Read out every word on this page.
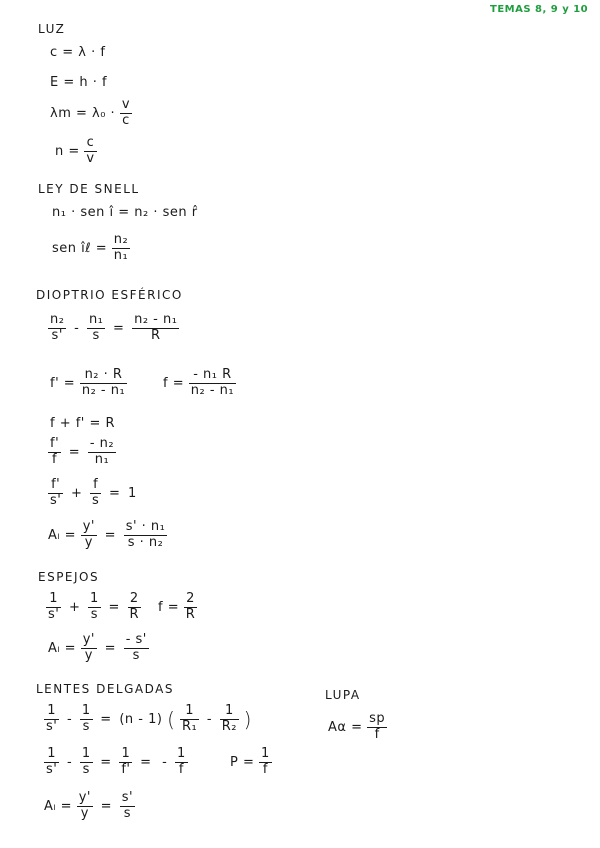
TEMAS 8, 9 y 10
LUZ
c = λ · f
E = h · f
$\lambda m = \lambda_0 \cdot \frac{v}{c}$
$n = \frac{c}{v}$
LEY DE SNELL
n₁ · sen î = n₂ · sen r̂
sen îℓ = $\frac{\text{n₂}}{\text{n₁}}$
DIOPTRIO ESFÉRICO
$\frac{\text{n₂}}{s'} - \frac{\text{n₁}}{s} = \frac{\text{n₂ - n₁}}{R}$
$f' = \frac{\text{n₂ · R}}{\text{n₂ - n₁}}$	$f = \frac{\text{- n₁ R}}{\text{n₂ - n₁}}$
f + f' = R
$\frac{f'}{f} = \frac{\text{- n₂}}{\text{n₁}}$
$\frac{f'}{s'} + \frac{f}{s} = 1$
$A_l = \frac{y'}{y} = \frac{\text{s' · n₁}}{\text{s · n₂}}$
ESPEJOS
$\frac{1}{s'} + \frac{1}{s} = \frac{2}{R}$ $f = \frac{2}{R}$
$A_l = \frac{y'}{y} = \frac{- s'}{s}$
LENTES DELGADAS
$\frac{1}{s'} - \frac{1}{s} = (n - 1)$ ( $\frac{1}{\text{R₁}} - \frac{1}{\text{R₂}}$ )
$\frac{1}{s'} - \frac{1}{s} = \frac{1}{f'}$ = - $\frac{1}{f}$	$P = \frac{1}{f}$
$A_l = \frac{y'}{y} = \frac{s'}{s}$
LUPA
$A\alpha = \frac{sp}{f}$
